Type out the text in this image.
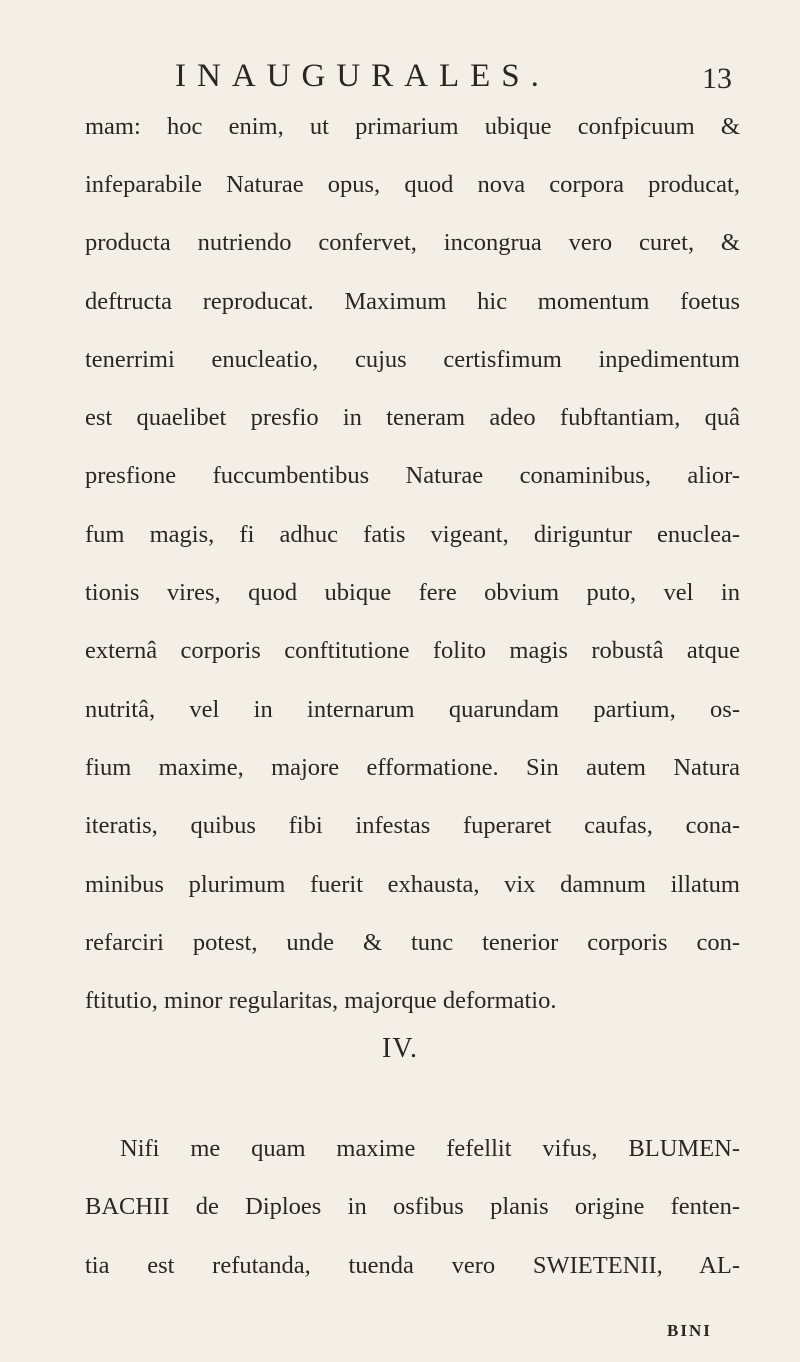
INAUGURALES.	13
mam: hoc enim, ut primarium ubique confpicuum &
infeparabile Naturae opus, quod nova corpora producat,
producta nutriendo confervet, incongrua vero curet, &
deftructa reproducat. Maximum hic momentum foetus
tenerrimi enucleatio, cujus certisfimum inpedimentum
est quaelibet presfio in teneram adeo fubftantiam, quâ
presfione fuccumbentibus Naturae conaminibus, alior-
fum magis, fi adhuc fatis vigeant, diriguntur enuclea-
tionis vires, quod ubique fere obvium puto, vel in
externâ corporis conftitutione folito magis robustâ atque
nutritâ, vel in internarum quarundam partium, os-
fium maxime, majore efformatione. Sin autem Natura
iteratis, quibus fibi infestas fuperaret caufas, cona-
minibus plurimum fuerit exhausta, vix damnum illatum
refarciri potest, unde & tunc tenerior corporis con-
ftitutio, minor regularitas, majorque deformatio.
IV.
Nifi me quam maxime fefellit vifus, BLUMEN-
BACHII de Diploes in osfibus planis origine fenten-
tia est refutanda, tuenda vero SWIETENII, AL-
BINI
